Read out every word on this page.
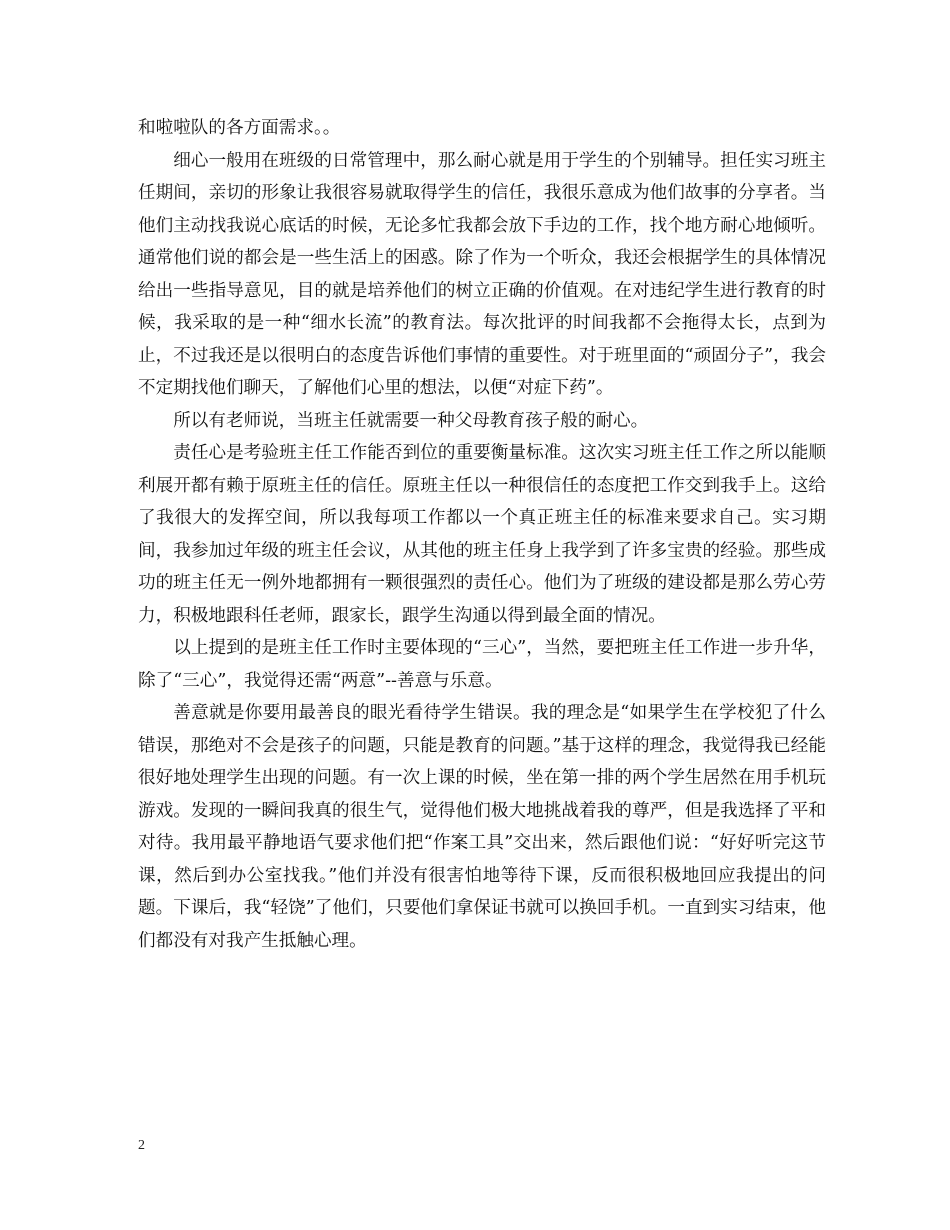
和啦啦队的各方面需求。。

细心一般用在班级的日常管理中，那么耐心就是用于学生的个别辅导。担任实习班主任期间，亲切的形象让我很容易就取得学生的信任，我很乐意成为他们故事的分享者。当他们主动找我说心底话的时候，无论多忙我都会放下手边的工作，找个地方耐心地倾听。通常他们说的都会是一些生活上的困惑。除了作为一个听众，我还会根据学生的具体情况给出一些指导意见，目的就是培养他们的树立正确的价值观。在对违纪学生进行教育的时候，我采取的是一种“细水长流”的教育法。每次批评的时间我都不会拖得太长，点到为止，不过我还是以很明白的态度告诉他们事情的重要性。对于班里面的“顽固分子”，我会不定期找他们聊天，了解他们心里的想法，以便“对症下药”。

所以有老师说，当班主任就需要一种父母教育孩子般的耐心。

责任心是考验班主任工作能否到位的重要衡量标准。这次实习班主任工作之所以能顺利展开都有赖于原班主任的信任。原班主任以一种很信任的态度把工作交到我手上。这给了我很大的发挥空间，所以我每项工作都以一个真正班主任的标准来要求自己。实习期间，我参加过年级的班主任会议，从其他的班主任身上我学到了许多宝贵的经验。那些成功的班主任无一例外地都拥有一颗很强烈的责任心。他们为了班级的建设都是那么劳心劳力，积极地跟科任老师，跟家长，跟学生沟通以得到最全面的情况。

以上提到的是班主任工作时主要体现的“三心”，当然，要把班主任工作进一步升华，除了“三心”，我觉得还需“两意”--善意与乐意。

善意就是你要用最善良的眼光看待学生错误。我的理念是“如果学生在学校犯了什么错误，那绝对不会是孩子的问题，只能是教育的问题。”基于这样的理念，我觉得我已经能很好地处理学生出现的问题。有一次上课的时候，坐在第一排的两个学生居然在用手机玩游戏。发现的一瞬间我真的很生气，觉得他们极大地挑战着我的尊严，但是我选择了平和对待。我用最平静地语气要求他们把“作案工具”交出来，然后跟他们说：“好好听完这节课，然后到办公室找我。”他们并没有很害怕地等待下课，反而很积极地回应我提出的问题。下课后，我“轻饶”了他们，只要他们拿保证书就可以换回手机。一直到实习结束，他们都没有对我产生抵触心理。

2
